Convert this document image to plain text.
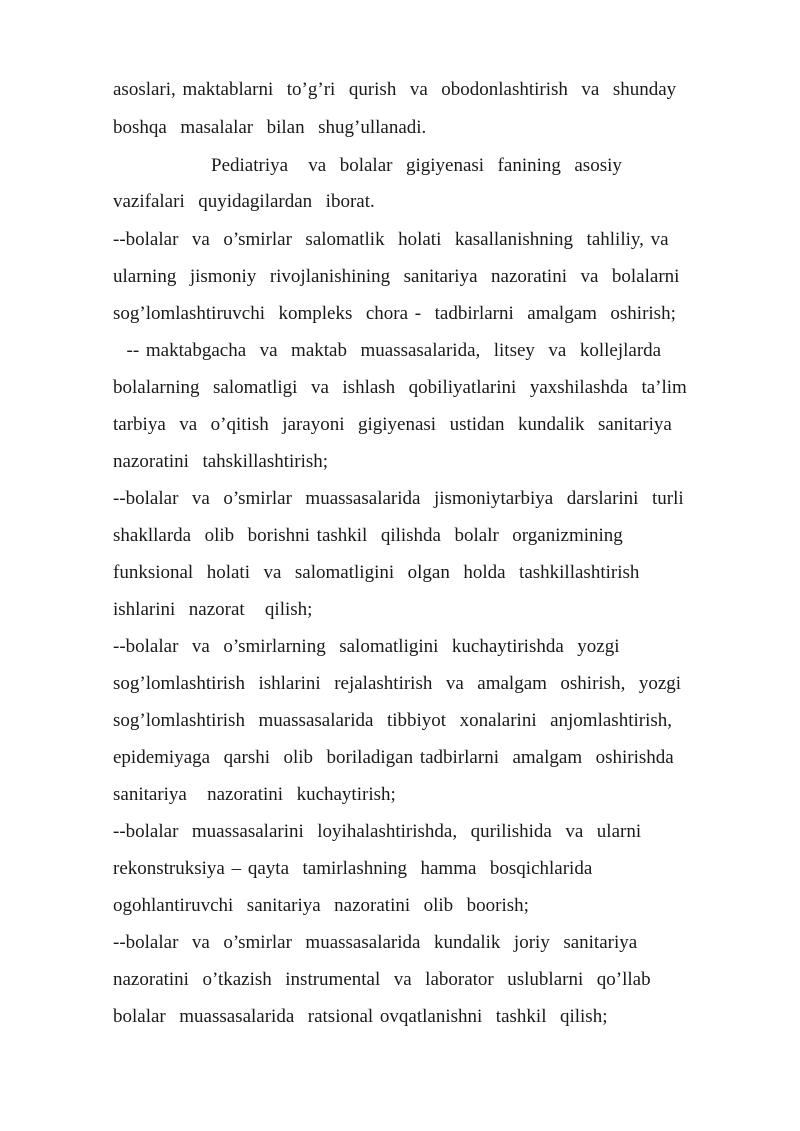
asoslari, maktablarni  to’g’ri  qurish  va  obodonlashtirish  va  shunday
boshqa  masalalar  bilan  shug’ullanadi.
Pediatriya   va  bolalar  gigiyenasi  fanining  asosiy
vazifalari  quyidagilardan  iborat.
--bolalar  va  o’smirlar  salomatlik  holati  kasallanishning  tahliliy, va
ularning  jismoniy  rivojlanishining  sanitariya  nazoratini  va  bolalarni
sog’lomlashtiruvchi  kompleks  chora -  tadbirlarni  amalgam  oshirish;
-- maktabgacha  va  maktab  muassasalarida,  litsey  va  kollejlarda
bolalarning  salomatligi  va  ishlash  qobiliyatlarini  yaxshilashda  ta’lim
tarbiya  va  o’qitish  jarayoni  gigiyenasi  ustidan  kundalik  sanitariya
nazoratini  tahskillashtirish;
--bolalar  va  o’smirlar  muassasalarida  jismoniytarbiya  darslarini  turli
shakllarda  olib  borishni tashkil  qilishda  bolalr  organizmining
funksional  holati  va  salomatligini  olgan  holda  tashkillashtirish
ishlarini  nazorat   qilish;
--bolalar  va  o’smirlarning  salomatligini  kuchaytirishda  yozgi
sog’lomlashtirish  ishlarini  rejalashtirish  va  amalgam  oshirish,  yozgi
sog’lomlashtirish  muassasalarida  tibbiyot  xonalarini  anjomlashtirish,
epidemiyaga  qarshi  olib  boriladigan tadbirlarni  amalgam  oshirishda
sanitariya   nazoratini  kuchaytirish;
--bolalar  muassasalarini  loyihalashtirishda,  qurilishida  va  ularni
rekonstruksiya – qayta  tamirlashning  hamma  bosqichlarida
ogohlantiruvchi  sanitariya  nazoratini  olib  boorish;
--bolalar  va  o’smirlar  muassasalarida  kundalik  joriy  sanitariya
nazoratini  o’tkazish  instrumental  va  laborator  uslublarni  qo’llab
bolalar  muassasalarida  ratsional ovqatlanishni  tashkil  qilish;
